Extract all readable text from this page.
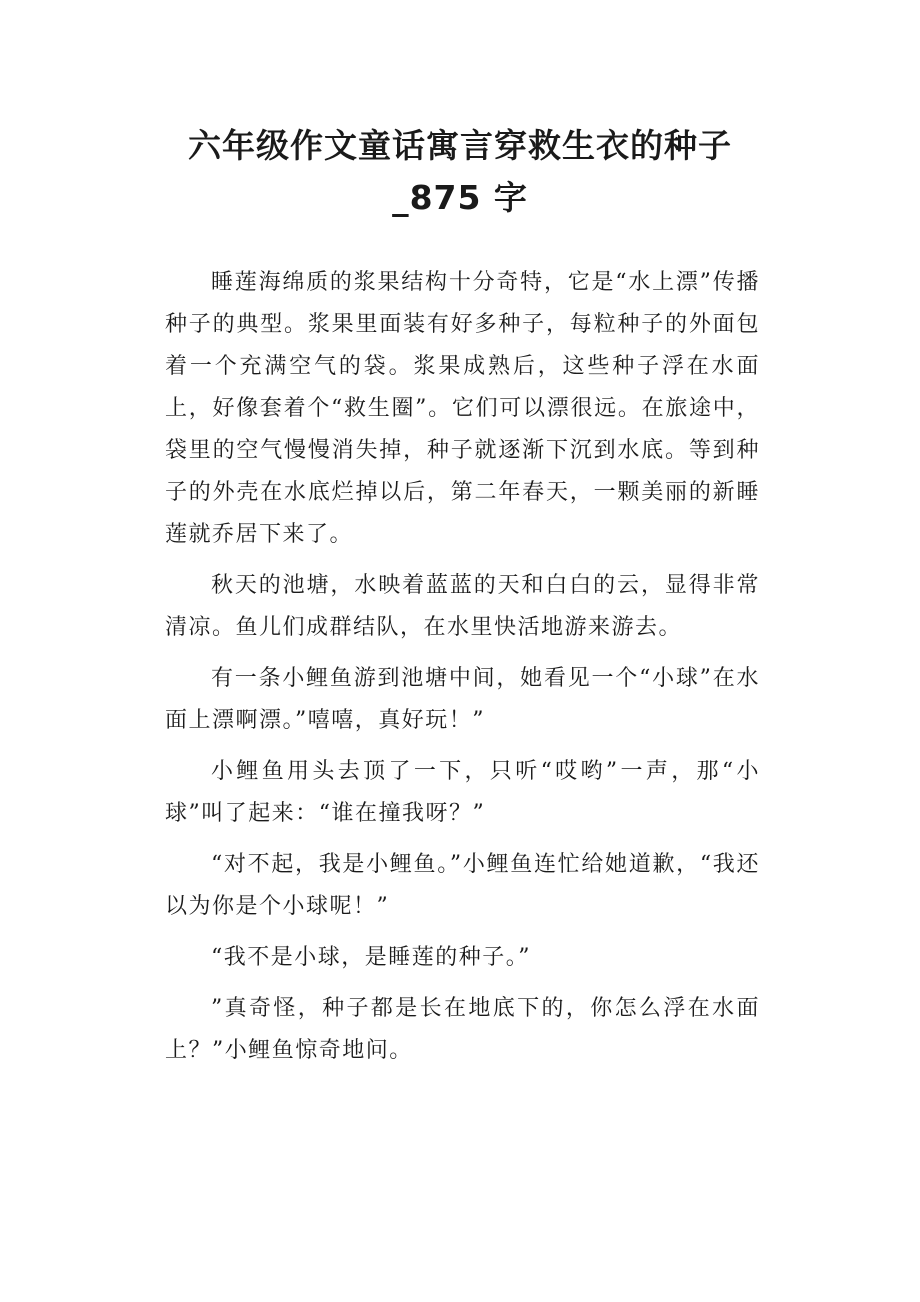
六年级作文童话寓言穿救生衣的种子
_875 字

睡莲海绵质的浆果结构十分奇特，它是“水上漂”传播种子的典型。浆果里面装有好多种子，每粒种子的外面包着一个充满空气的袋。浆果成熟后，这些种子浮在水面上，好像套着个“救生圈”。它们可以漂很远。在旅途中，袋里的空气慢慢消失掉，种子就逐渐下沉到水底。等到种子的外壳在水底烂掉以后，第二年春天，一颗美丽的新睡莲就乔居下来了。

秋天的池塘，水映着蓝蓝的天和白白的云，显得非常清凉。鱼儿们成群结队，在水里快活地游来游去。

有一条小鲤鱼游到池塘中间，她看见一个“小球”在水面上漂啊漂。”嘻嘻，真好玩！”

小鲤鱼用头去顶了一下，只听“哎哟”一声，那“小球”叫了起来：“谁在撞我呀？”

“对不起，我是小鲤鱼。”小鲤鱼连忙给她道歉，“我还以为你是个小球呢！”

“我不是小球，是睡莲的种子。”

”真奇怪，种子都是长在地底下的，你怎么浮在水面上？”小鲤鱼惊奇地问。
